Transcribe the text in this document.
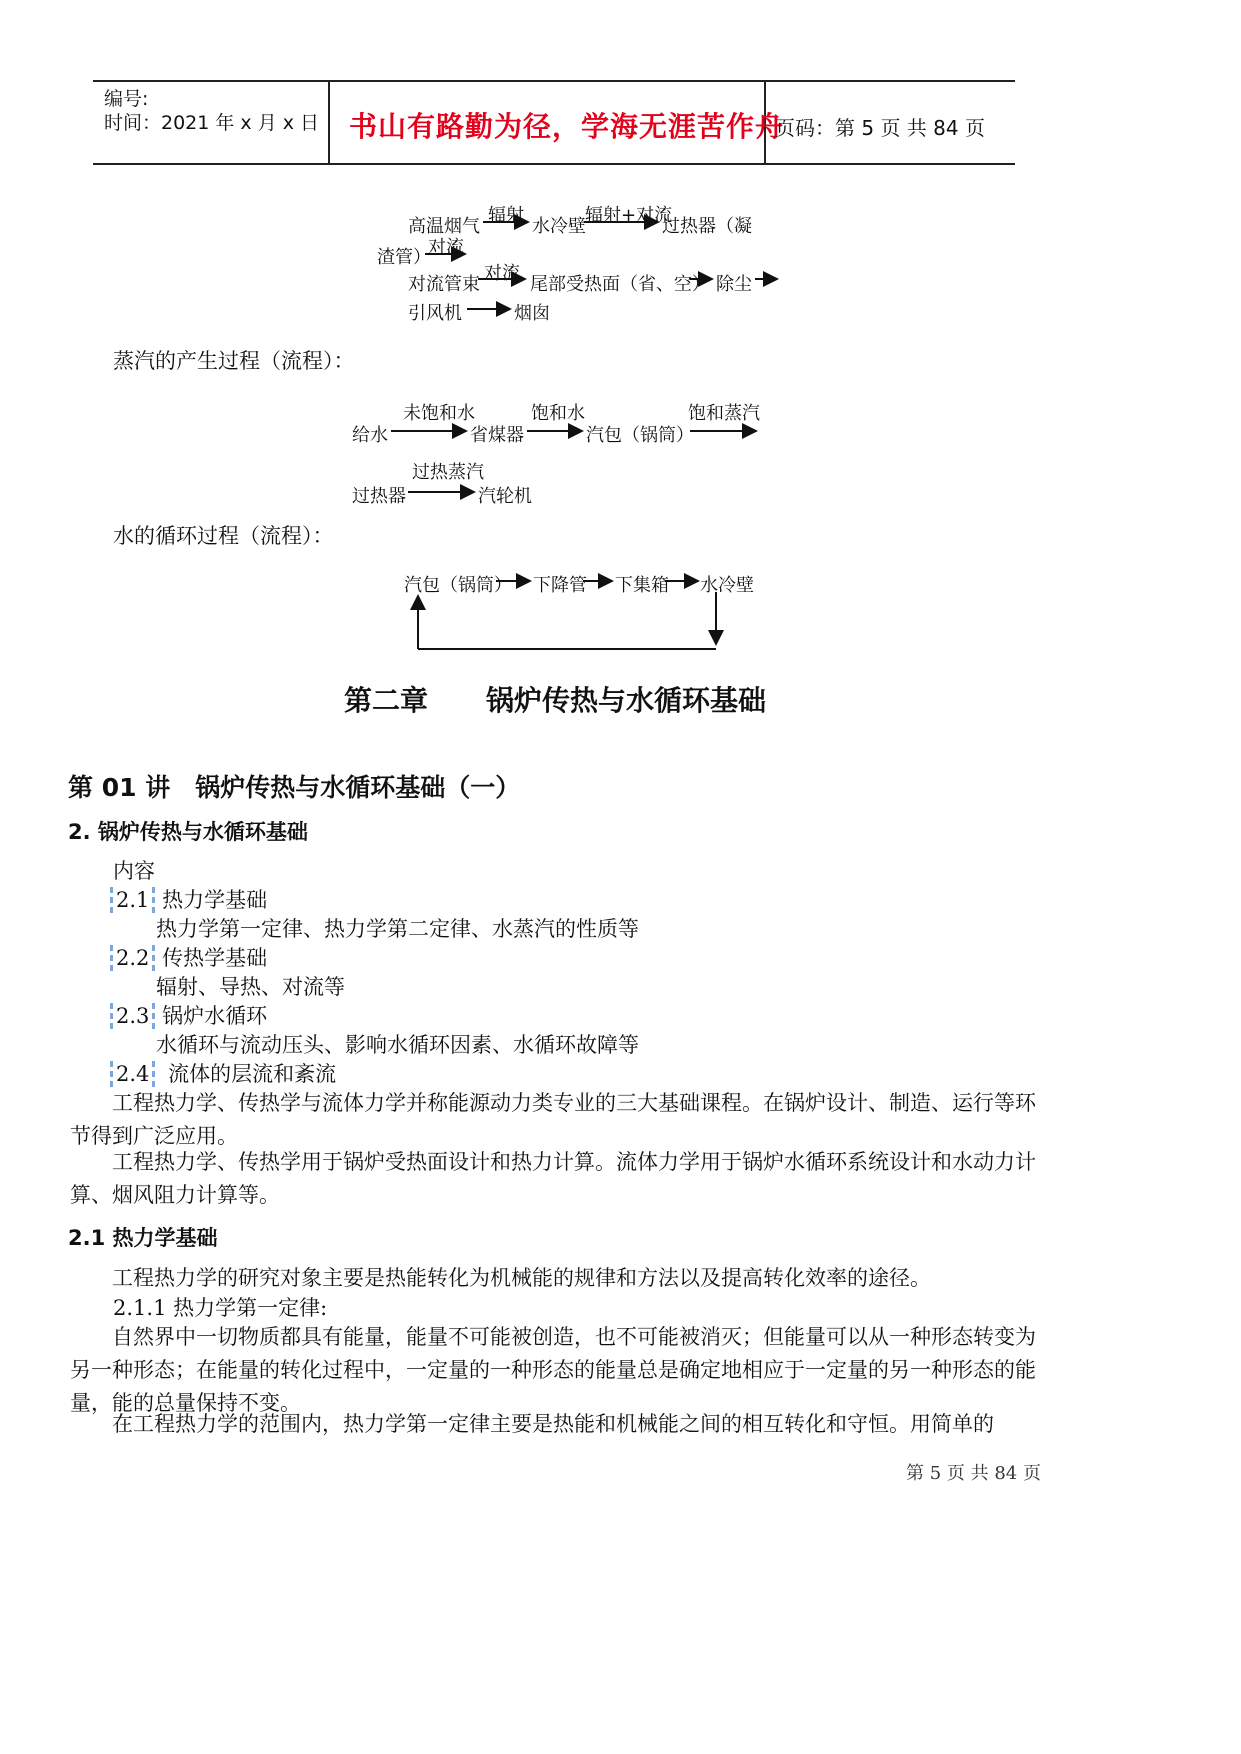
编号:
时间：2021 年 x 月 x 日 书山有路勤为径，学海无涯苦作舟
页码：第 5 页 共 84 页
高温烟气
辐射
水冷壁
辐射+对流
过热器（凝
渣管）
对流
对流管束
对流
尾部受热面（省、空） 除尘
引风机	烟囱
蒸汽的产生过程（流程）：
给水
未饱和水
省煤器
饱和水
汽包（锅筒）
饱和蒸汽
过热器
过热蒸汽
汽轮机
水的循环过程（流程）：
汽包（锅筒） 下降管 下集箱 水冷壁
第二章 锅炉传热与水循环基础
第 01 讲　锅炉传热与水循环基础（一）
2. 锅炉传热与水循环基础
内容
2.1 热力学基础
热力学第一定律、热力学第二定律、水蒸汽的性质等
2.2 传热学基础
辐射、导热、对流等
2.3 锅炉水循环
水循环与流动压头、影响水循环因素、水循环故障等
2.4 流体的层流和紊流

工程热力学、传热学与流体力学并称能源动力类专业的三大基础课程。在锅炉设计、制造、运行等环节得到广泛应用。

工程热力学、传热学用于锅炉受热面设计和热力计算。流体力学用于锅炉水循环系统设计和水动力计算、烟风阻力计算等。

2.1 热力学基础

工程热力学的研究对象主要是热能转化为机械能的规律和方法以及提高转化效率的途径。

2.1.1 热力学第一定律:

自然界中一切物质都具有能量，能量不可能被创造，也不可能被消灭；但能量可以从一种形态转变为另一种形态；在能量的转化过程中，一定量的一种形态的能量总是确定地相应于一定量的另一种形态的能量，能的总量保持不变。

在工程热力学的范围内，热力学第一定律主要是热能和机械能之间的相互转化和守恒。用简单的

第 5 页 共 84 页
